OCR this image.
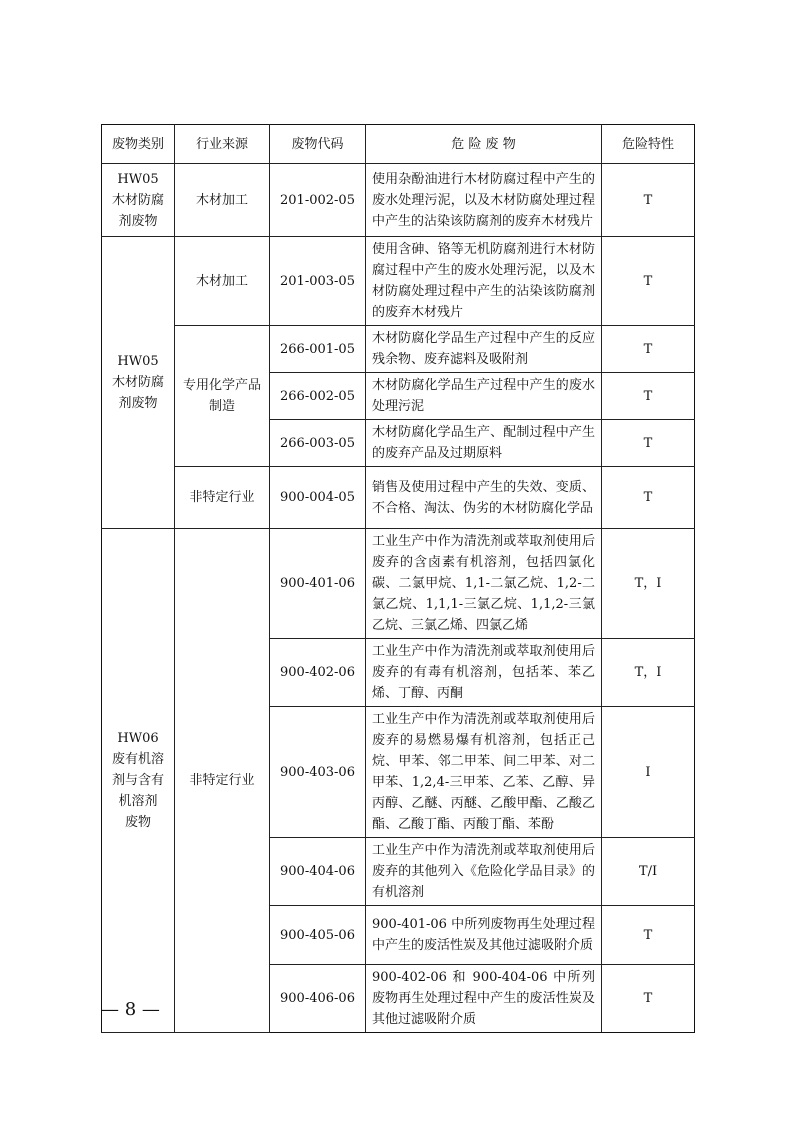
废物类别	行业来源	废物代码	危 险 废 物	危险特性
HW05
木材防腐
剂废物	木材加工	201-002-05	使用杂酚油进行木材防腐过程中产生的废水处理污泥，以及木材防腐处理过程中产生的沾染该防腐剂的废弃木材残片	T
HW05
木材防腐
剂废物	木材加工	201-003-05	使用含砷、铬等无机防腐剂进行木材防腐过程中产生的废水处理污泥，以及木材防腐处理过程中产生的沾染该防腐剂的废弃木材残片	T
	专用化学产品制造	266-001-05	木材防腐化学品生产过程中产生的反应残余物、废弃滤料及吸附剂	T
		266-002-05	木材防腐化学品生产过程中产生的废水处理污泥	T
		266-003-05	木材防腐化学品生产、配制过程中产生的废弃产品及过期原料	T
	非特定行业	900-004-05	销售及使用过程中产生的失效、变质、不合格、淘汰、伪劣的木材防腐化学品	T
HW06
废有机溶
剂与含有
机溶剂
废物	非特定行业	900-401-06	工业生产中作为清洗剂或萃取剂使用后废弃的含卤素有机溶剂，包括四氯化碳、二氯甲烷、1,1-二氯乙烷、1,2-二氯乙烷、1,1,1-三氯乙烷、1,1,2-三氯乙烷、三氯乙烯、四氯乙烯	T，I
		900-402-06	工业生产中作为清洗剂或萃取剂使用后废弃的有毒有机溶剂，包括苯、苯乙烯、丁醇、丙酮	T，I
		900-403-06	工业生产中作为清洗剂或萃取剂使用后废弃的易燃易爆有机溶剂，包括正己烷、甲苯、邻二甲苯、间二甲苯、对二甲苯、1,2,4-三甲苯、乙苯、乙醇、异丙醇、乙醚、丙醚、乙酸甲酯、乙酸乙酯、乙酸丁酯、丙酸丁酯、苯酚	I
		900-404-06	工业生产中作为清洗剂或萃取剂使用后废弃的其他列入《危险化学品目录》的有机溶剂	T/I
		900-405-06	900-401-06 中所列废物再生处理过程中产生的废活性炭及其他过滤吸附介质	T
		900-406-06	900-402-06 和 900-404-06 中所列废物再生处理过程中产生的废活性炭及其他过滤吸附介质	T
— 8 —
